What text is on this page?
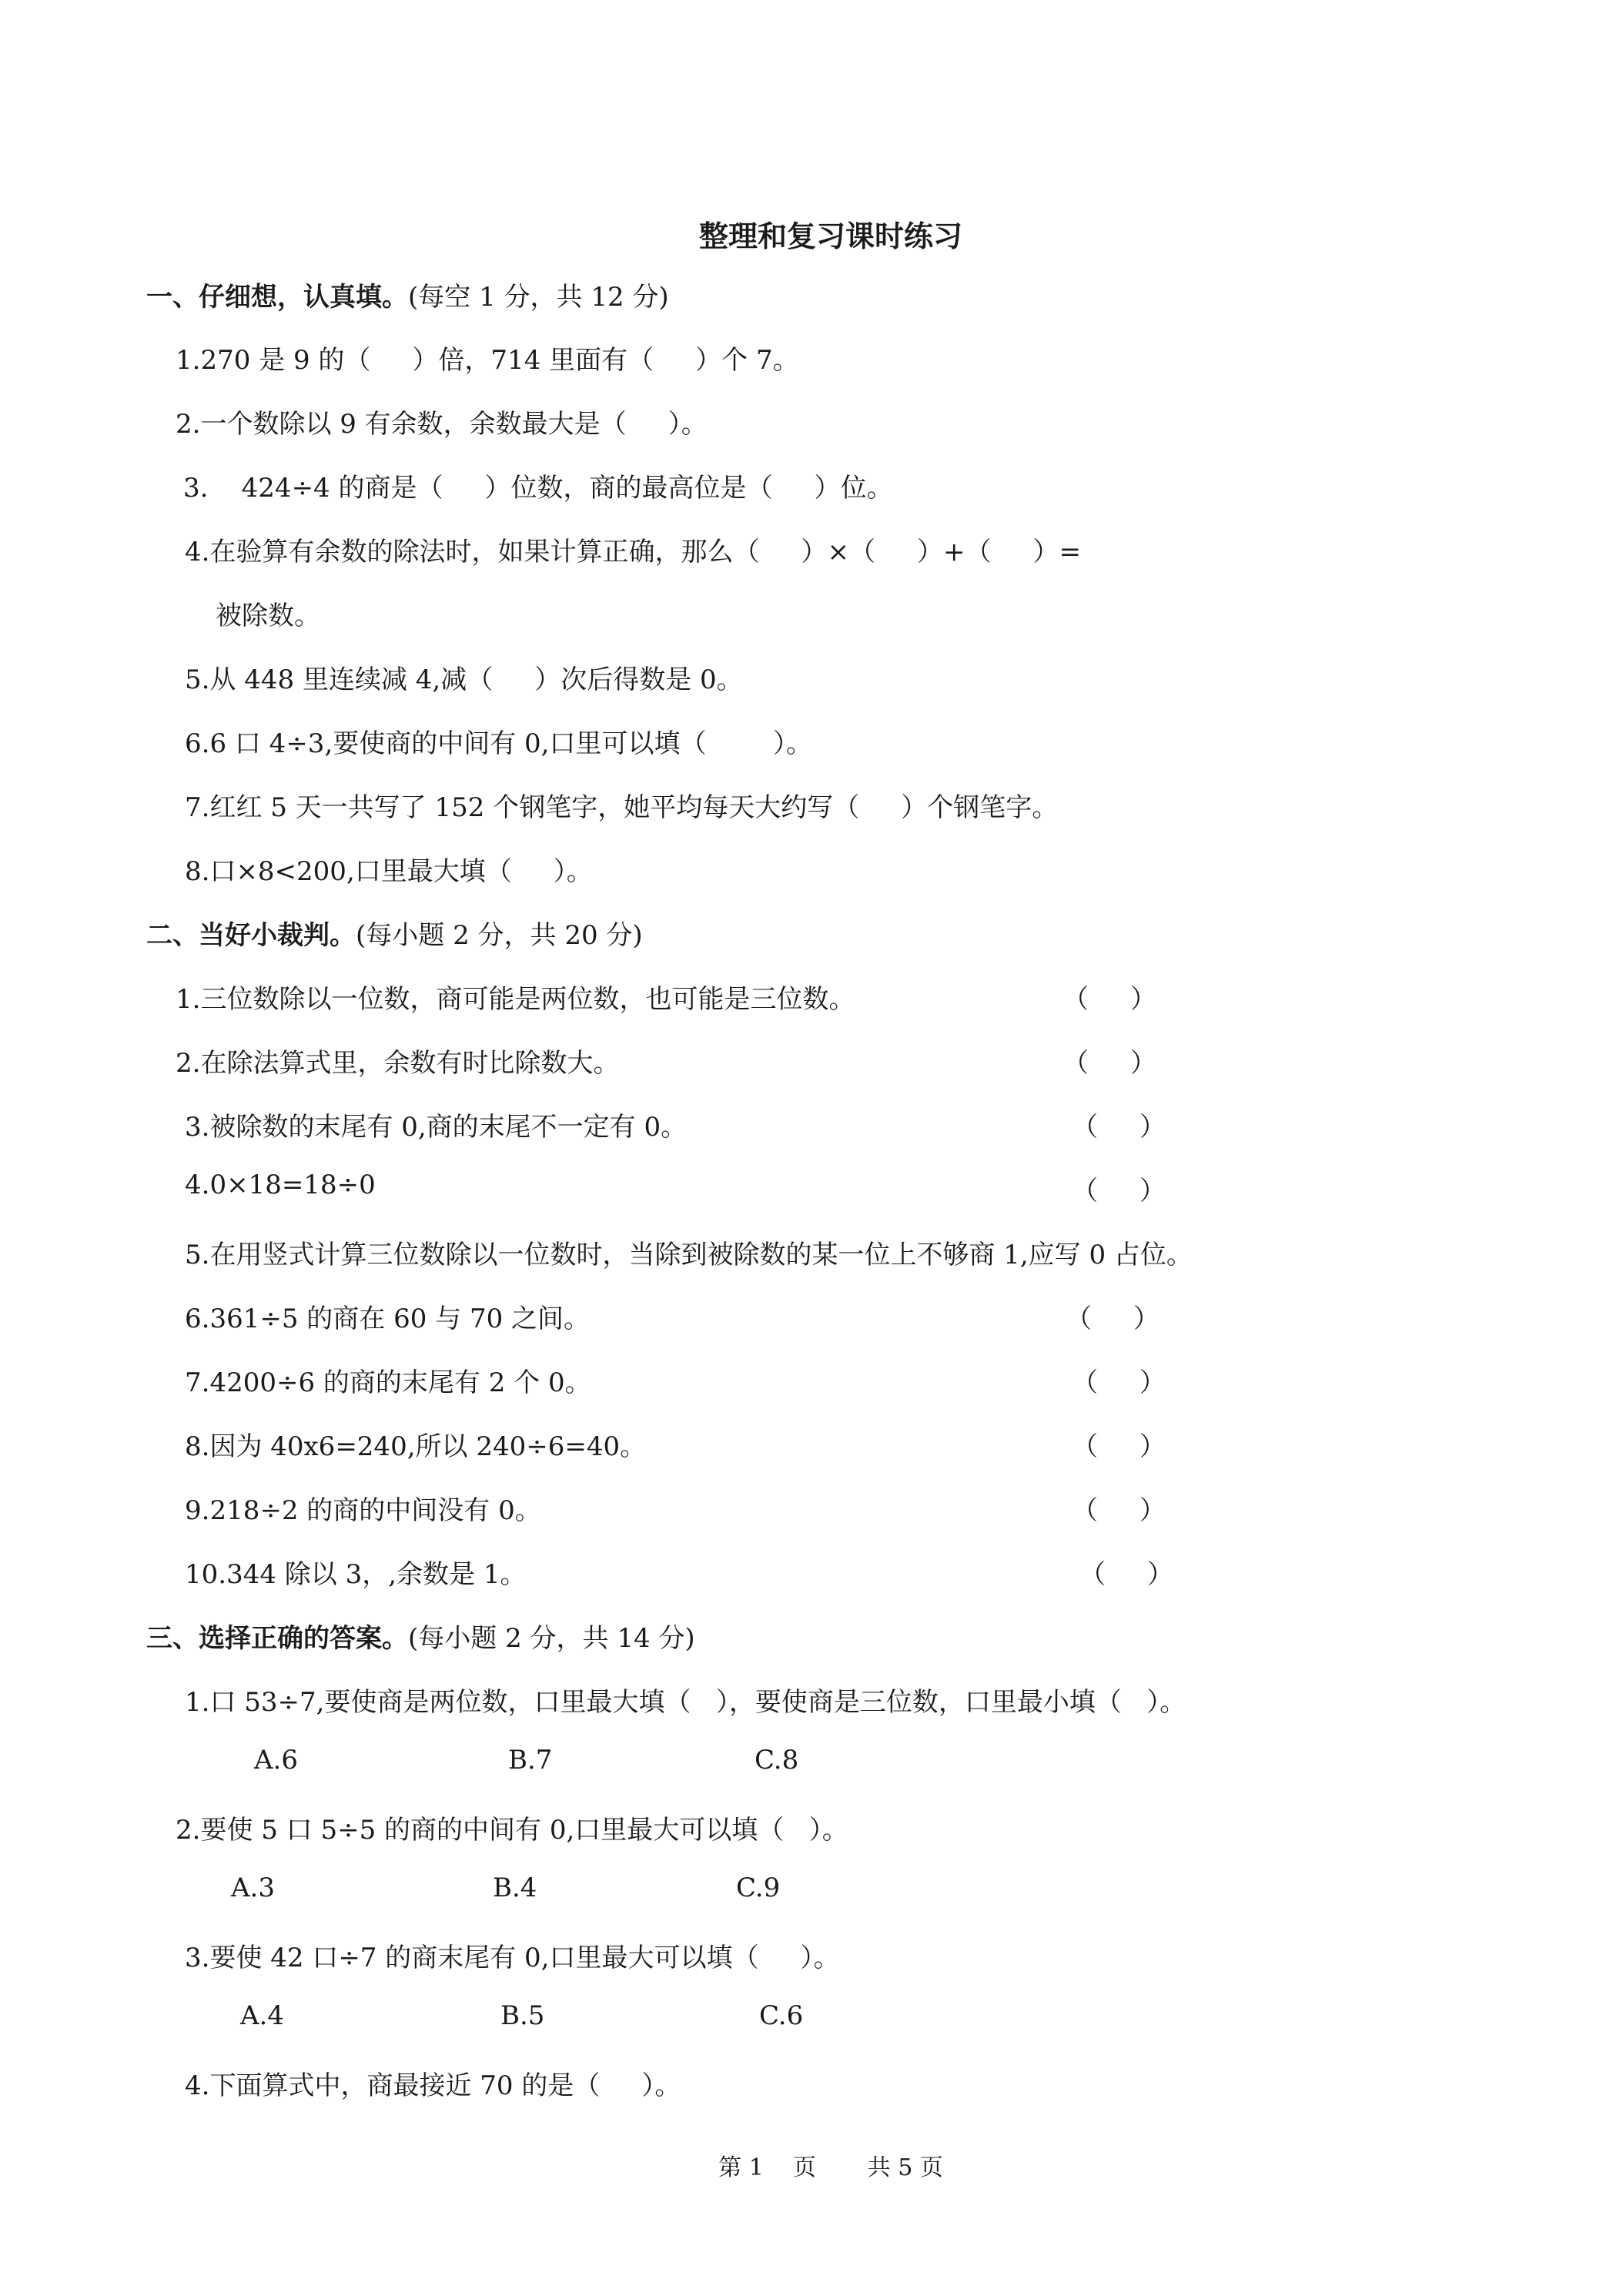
整理和复习课时练习
一、仔细想，认真填。(每空 1 分，共 12 分)
1.270 是 9 的（     ）倍，714 里面有（     ）个 7。
2.一个数除以 9 有余数，余数最大是（     ）。
3.    424÷4 的商是（     ）位数，商的最高位是（     ）位。
4.在验算有余数的除法时，如果计算正确，那么（     ）×（     ）+（     ）=
被除数。
5.从 448 里连续减 4,减（     ）次后得数是 0。
6.6 口 4÷3,要使商的中间有 0,口里可以填（        ）。
7.红红 5 天一共写了 152 个钢笔字，她平均每天大约写（     ）个钢笔字。
8.口×8<200,口里最大填（     ）。
二、当好小裁判。(每小题 2 分，共 20 分)
1.三位数除以一位数，商可能是两位数，也可能是三位数。	（     ）
2.在除法算式里，余数有时比除数大。	（     ）
3.被除数的末尾有 0,商的末尾不一定有 0。	（     ）
4.0×18=18÷0	（     ）
5.在用竖式计算三位数除以一位数时，当除到被除数的某一位上不够商 1,应写 0 占位。
6.361÷5 的商在 60 与 70 之间。	（     ）
7.4200÷6 的商的末尾有 2 个 0。	（     ）
8.因为 40x6=240,所以 240÷6=40。	（     ）
9.218÷2 的商的中间没有 0。	（     ）
10.344 除以 3，,余数是 1。	（     ）
三、选择正确的答案。(每小题 2 分，共 14 分)
1.口 53÷7,要使商是两位数，口里最大填（   ），要使商是三位数，口里最小填（   ）。
A.6	B.7	C.8
2.要使 5 口 5÷5 的商的中间有 0,口里最大可以填（   ）。
A.3	B.4	C.9
3.要使 42 口÷7 的商末尾有 0,口里最大可以填（     ）。
A.4	B.5	C.6
4.下面算式中，商最接近 70 的是（     ）。
第 1    页       共 5 页
